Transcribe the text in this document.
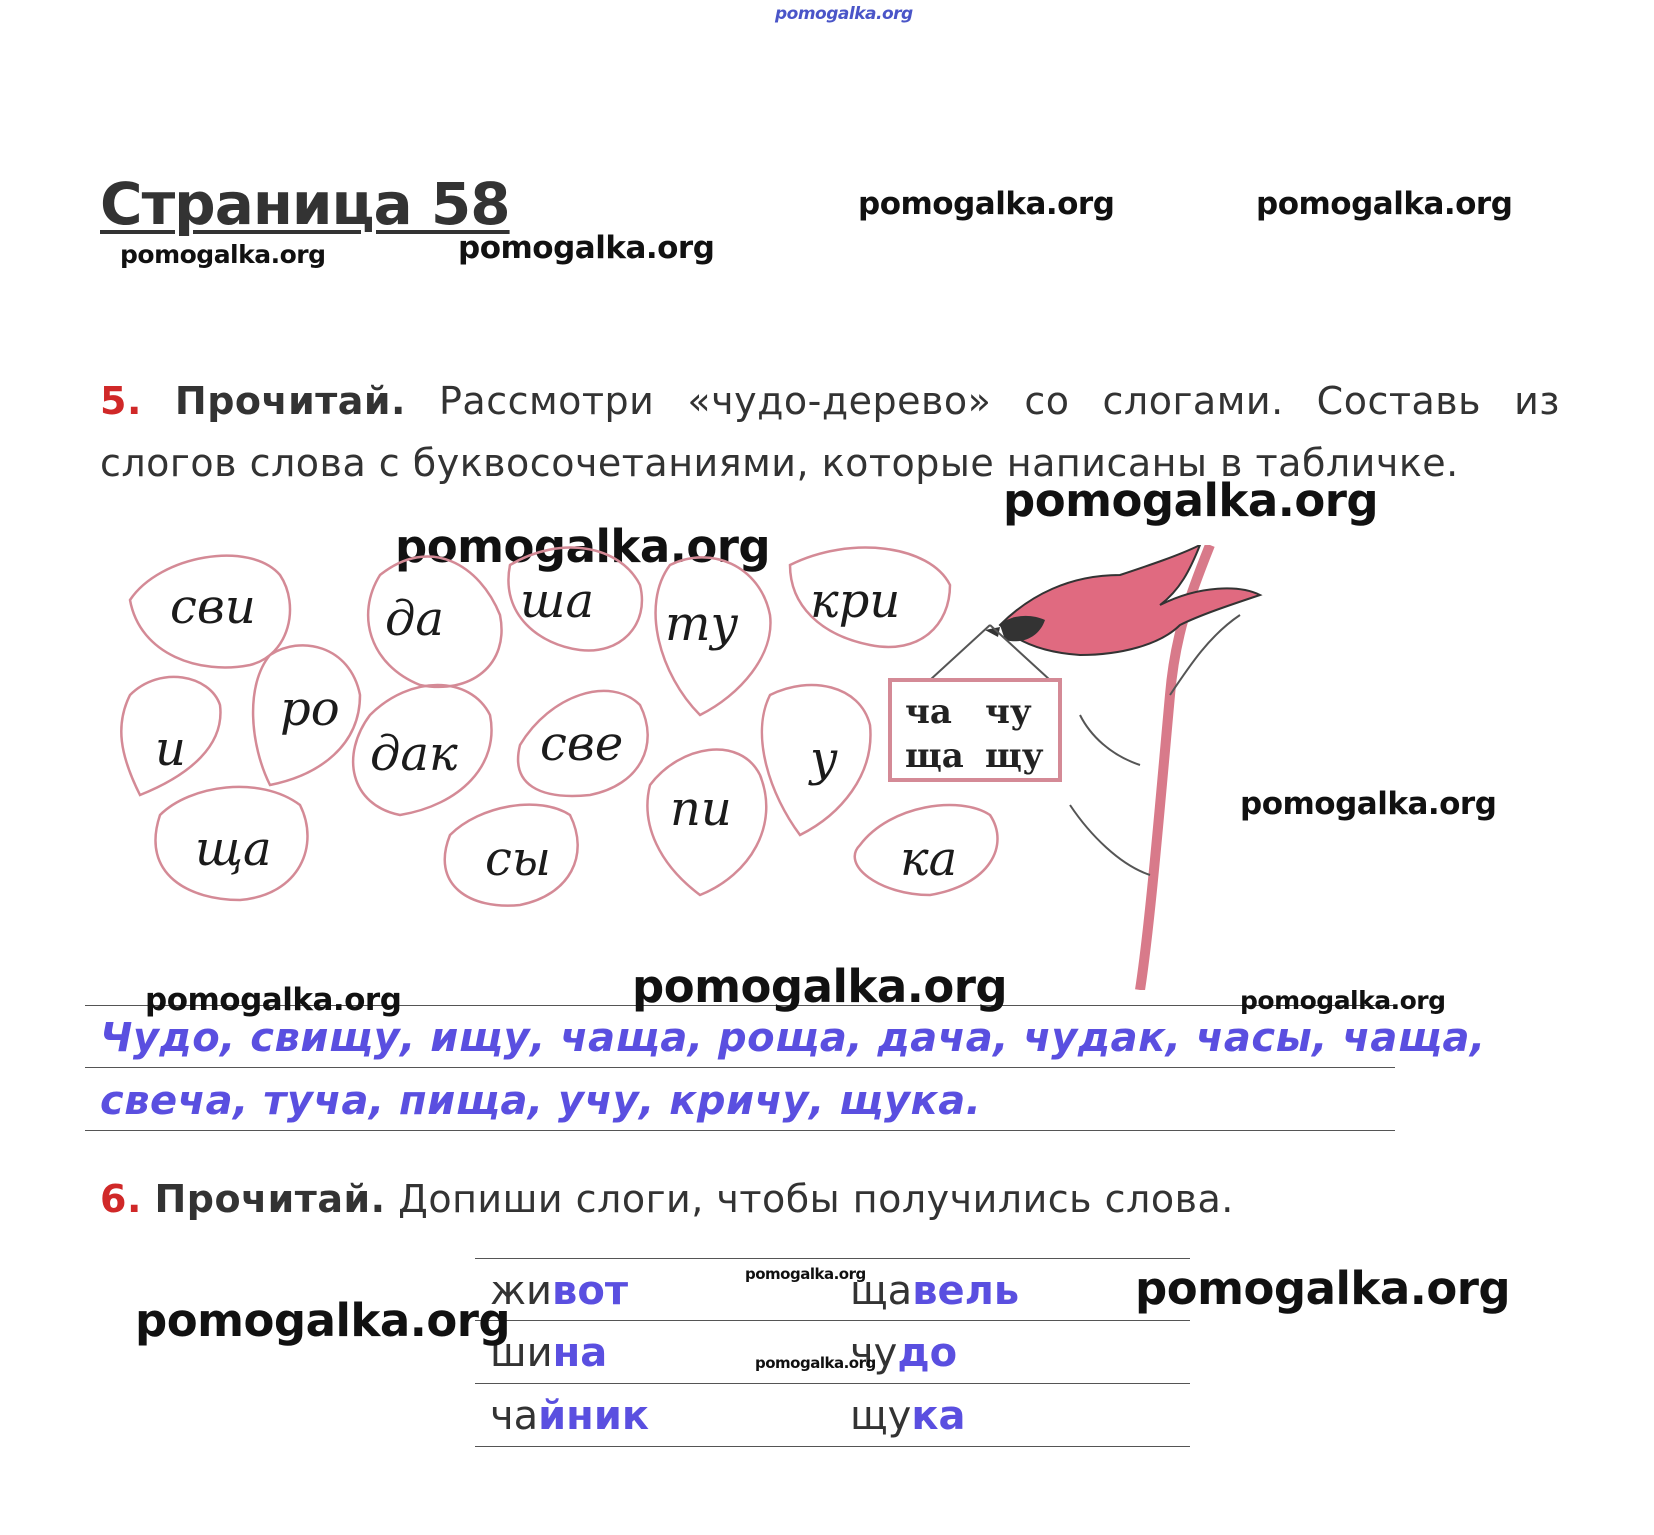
pomogalka.org
Страница 58	pomogalka.org	pomogalka.org
pomogalka.org	pomogalka.org
5. Прочитай. Рассмотри «чудо-дерево» со слогами. Составь из слогов слова с буквосочетаниями, которые написаны в табличке.
pomogalka.org
pomogalka.org
сви	да ша ту кри
ро
и	дак све	у
пи
ща	сы	ка
ча чу
ща щу
pomogalka.org
pomogalka.org	pomogalka.org	pomogalka.org
Чудо, свищу, ищу, чаща, роща, дача, чудак, часы, чаща,
свеча, туча, пища, учу, кричу, щука.
6. Прочитай. Допиши слоги, чтобы получились слова.
живот	щавель
шина	чудо
чайник	щука
pomogalka.org
pomogalka.org
pomogalka.org
pomogalka.org
